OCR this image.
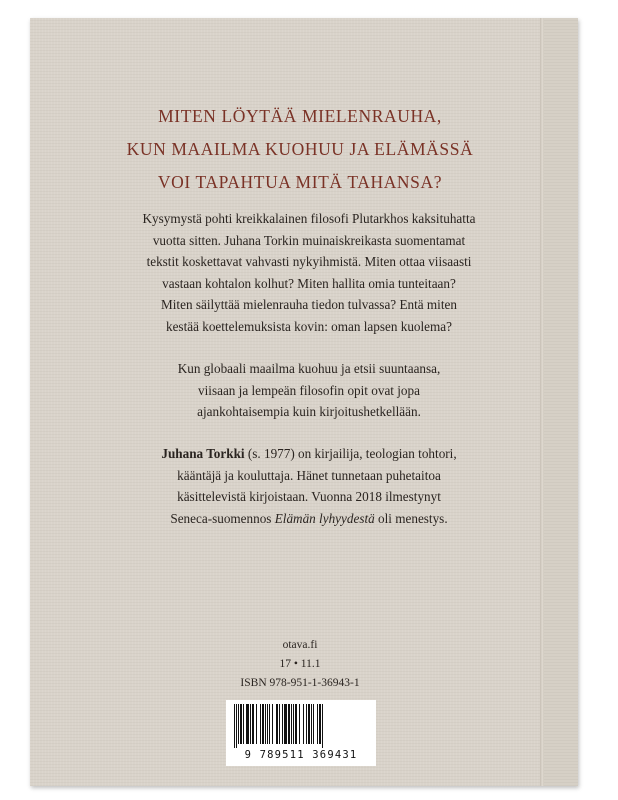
MITEN LÖYTÄÄ MIELENRAUHA,
KUN MAAILMA KUOHUU JA ELÄMÄSSÄ
VOI TAPAHTUA MITÄ TAHANSA?
Kysymystä pohti kreikkalainen filosofi Plutarkhos kaksituhatta
vuotta sitten. Juhana Torkin muinaiskreikasta suomentamat
tekstit koskettavat vahvasti nykyihmistä. Miten ottaa viisaasti
vastaan kohtalon kolhut? Miten hallita omia tunteitaan?
Miten säilyttää mielenrauha tiedon tulvassa? Entä miten
kestää koettelemuksista kovin: oman lapsen kuolema?
Kun globaali maailma kuohuu ja etsii suuntaansa,
viisaan ja lempeän filosofin opit ovat jopa
ajankohtaisempia kuin kirjoitushetkellään.
Juhana Torkki (s. 1977) on kirjailija, teologian tohtori,
kääntäjä ja kouluttaja. Hänet tunnetaan puhetaitoa
käsittelevistä kirjoistaan. Vuonna 2018 ilmestynyt
Seneca-suomennos Elämän lyhyydestä oli menestys.
otava.fi
17 • 11.1
ISBN 978-951-1-36943-1
9 789511 369431
